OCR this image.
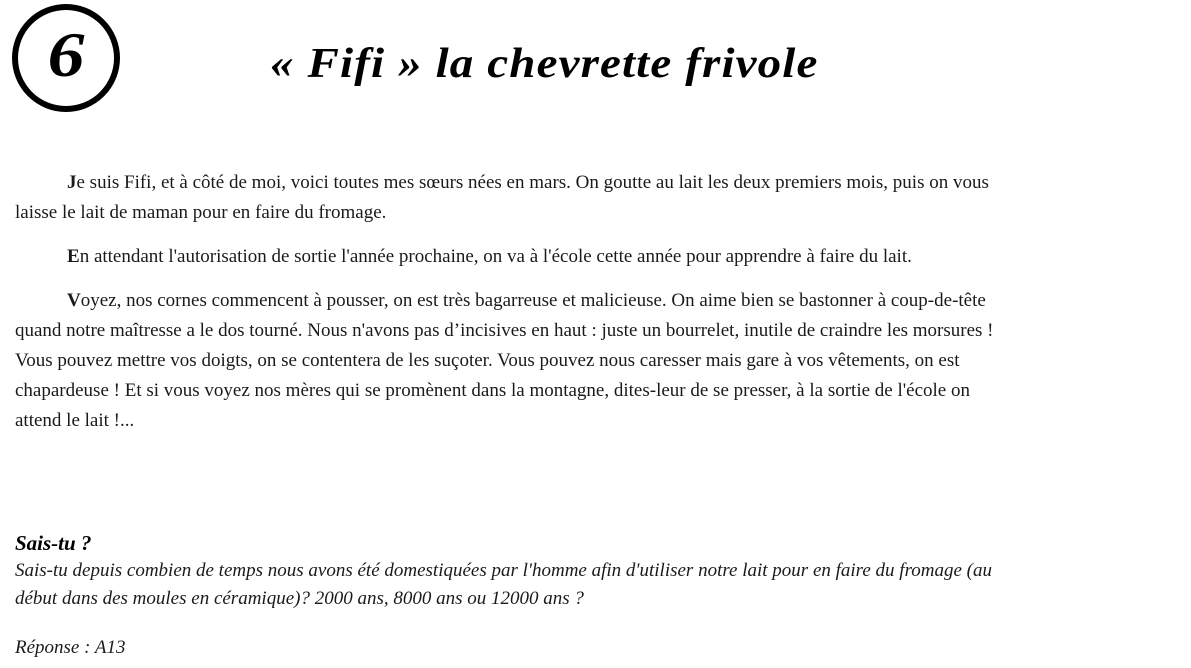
6	« Fifi » la chevrette frivole

Je suis Fifi, et à côté de moi, voici toutes mes sœurs nées en mars. On goutte au lait les deux premiers mois, puis on vous laisse le lait de maman pour en faire du fromage.

En attendant l'autorisation de sortie l'année prochaine, on va à l'école cette année pour apprendre à faire du lait.

Voyez, nos cornes commencent à pousser, on est très bagarreuse et malicieuse. On aime bien se bastonner à coup-de-tête quand notre maîtresse a le dos tourné. Nous n'avons pas d’incisives en haut : juste un bourrelet, inutile de craindre les morsures ! Vous pouvez mettre vos doigts, on se contentera de les suçoter. Vous pouvez nous caresser mais gare à vos vêtements, on est chapardeuse ! Et si vous voyez nos mères qui se promènent dans la montagne, dites-leur de se presser, à la sortie de l'école on attend le lait !...

Sais-tu ?

Sais-tu depuis combien de temps nous avons été domestiquées par l'homme afin d'utiliser notre lait pour en faire du fromage (au début dans des moules en céramique)? 2000 ans, 8000 ans ou 12000 ans ?

Réponse : A13
